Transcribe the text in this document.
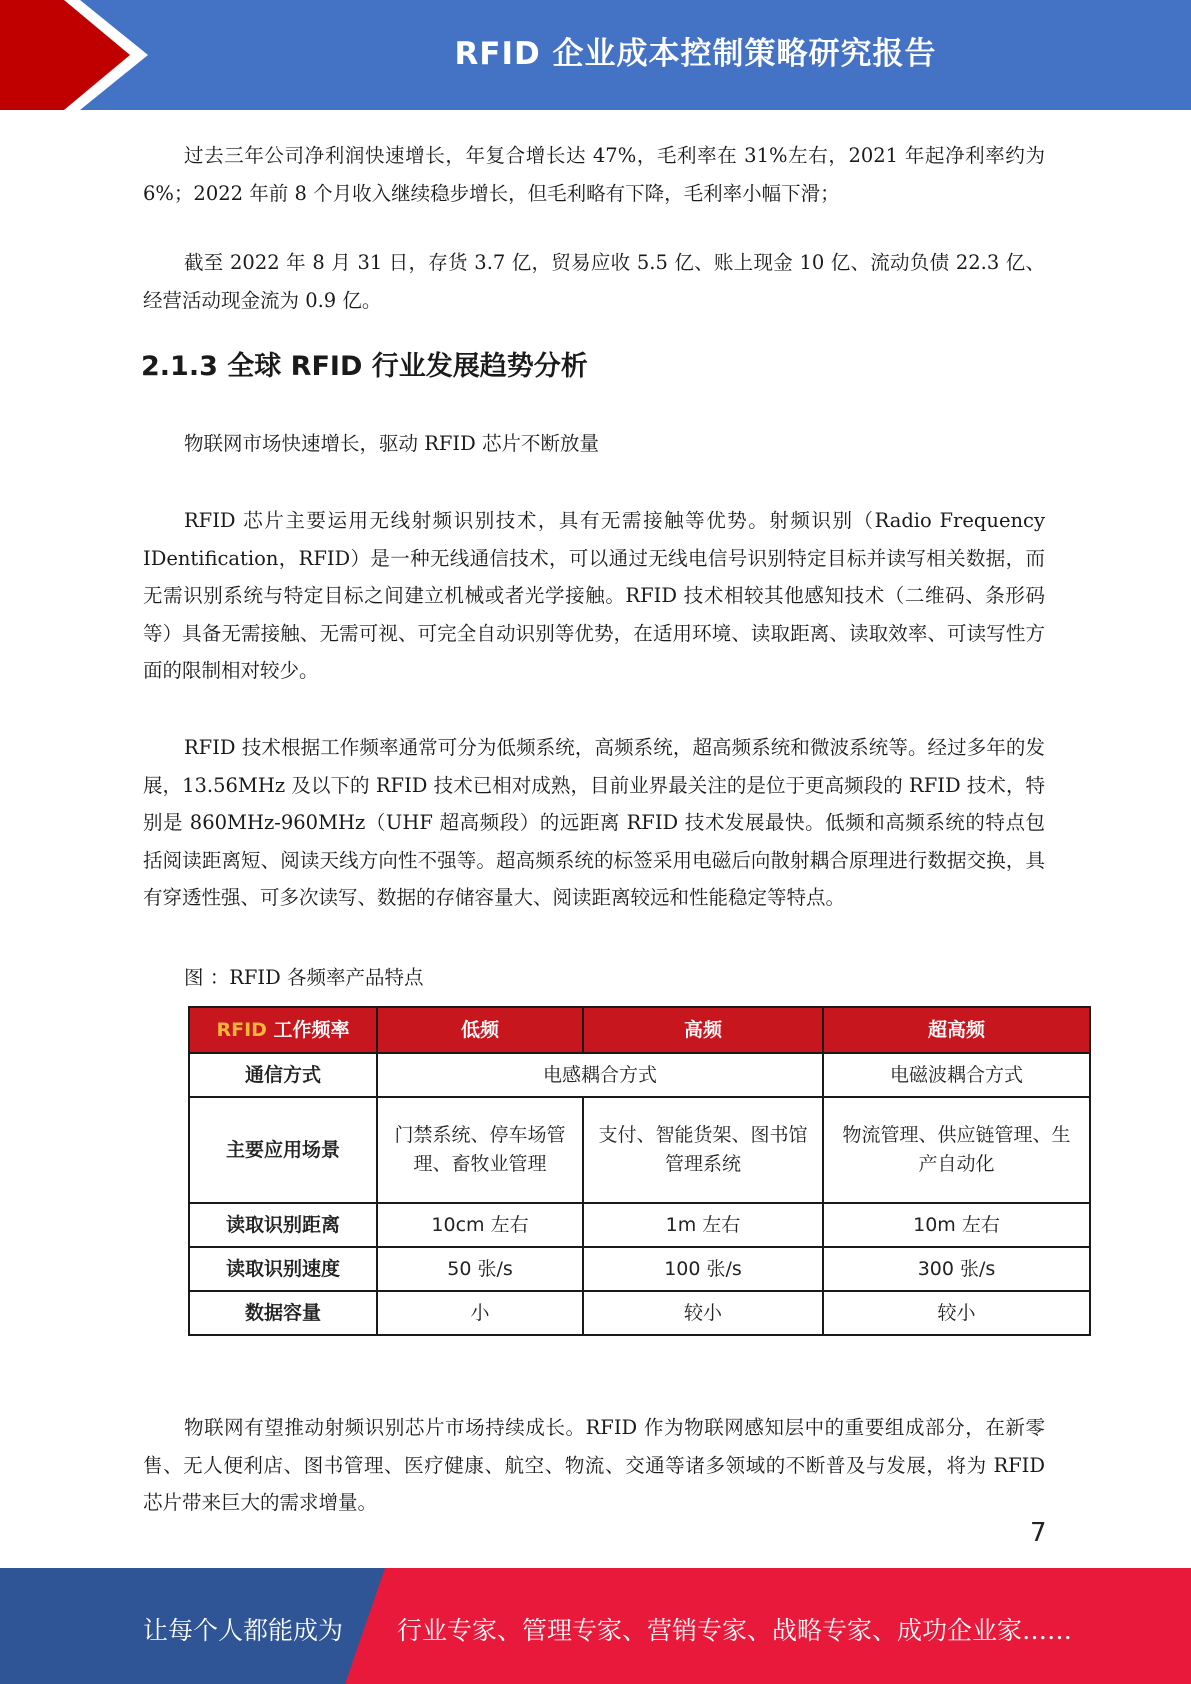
RFID 企业成本控制策略研究报告

过去三年公司净利润快速增长，年复合增长达 47%，毛利率在 31%左右，2021 年起净利率约为 6%；2022 年前 8 个月收入继续稳步增长，但毛利略有下降，毛利率小幅下滑；

截至 2022 年 8 月 31 日，存货 3.7 亿，贸易应收 5.5 亿、账上现金 10 亿、流动负债 22.3 亿、经营活动现金流为 0.9 亿。

2.1.3 全球 RFID 行业发展趋势分析

物联网市场快速增长，驱动 RFID 芯片不断放量

RFID 芯片主要运用无线射频识别技术，具有无需接触等优势。射频识别（Radio Frequency IDentification，RFID）是一种无线通信技术，可以通过无线电信号识别特定目标并读写相关数据，而无需识别系统与特定目标之间建立机械或者光学接触。RFID 技术相较其他感知技术（二维码、条形码等）具备无需接触、无需可视、可完全自动识别等优势，在适用环境、读取距离、读取效率、可读写性方面的限制相对较少。

RFID 技术根据工作频率通常可分为低频系统，高频系统，超高频系统和微波系统等。经过多年的发展，13.56MHz 及以下的 RFID 技术已相对成熟，目前业界最关注的是位于更高频段的 RFID 技术，特别是 860MHz-960MHz（UHF 超高频段）的远距离 RFID 技术发展最快。低频和高频系统的特点包括阅读距离短、阅读天线方向性不强等。超高频系统的标签采用电磁后向散射耦合原理进行数据交换，具有穿透性强、可多次读写、数据的存储容量大、阅读距离较远和性能稳定等特点。

图 ：RFID 各频率产品特点

RFID 工作频率	低频	高频	超高频
通信方式	电感耦合方式		电磁波耦合方式
主要应用场景	门禁系统、停车场管理、畜牧业管理	支付、智能货架、图书馆管理系统	物流管理、供应链管理、生产自动化
读取识别距离	10cm 左右	1m 左右	10m 左右
读取识别速度	50 张/s	100 张/s	300 张/s
数据容量	小	较小	较小

物联网有望推动射频识别芯片市场持续成长。RFID 作为物联网感知层中的重要组成部分，在新零售、无人便利店、图书管理、医疗健康、航空、物流、交通等诸多领域的不断普及与发展，将为 RFID 芯片带来巨大的需求增量。

7
让每个人都能成为 行业专家、管理专家、营销专家、战略专家、成功企业家……
